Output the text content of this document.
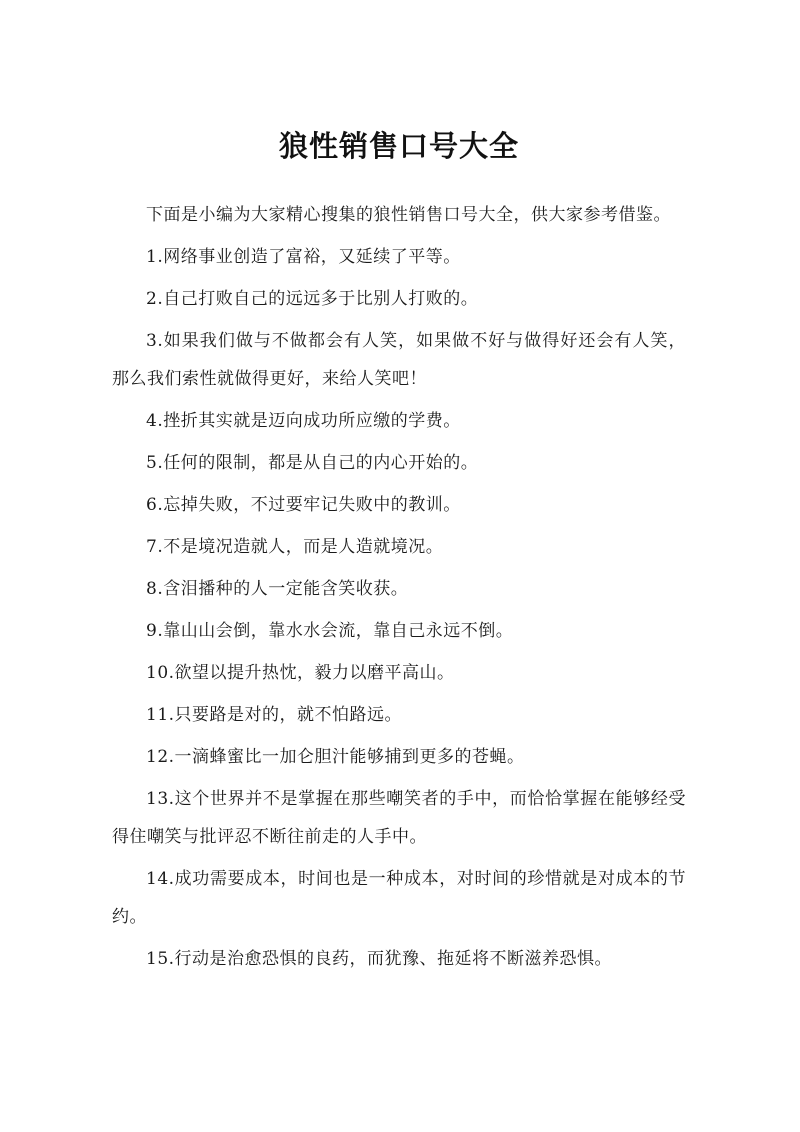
狼性销售口号大全

下面是小编为大家精心搜集的狼性销售口号大全，供大家参考借鉴。

1.网络事业创造了富裕，又延续了平等。

2.自己打败自己的远远多于比别人打败的。

3.如果我们做与不做都会有人笑，如果做不好与做得好还会有人笑，那么我们索性就做得更好，来给人笑吧！

4.挫折其实就是迈向成功所应缴的学费。

5.任何的限制，都是从自己的内心开始的。

6.忘掉失败，不过要牢记失败中的教训。

7.不是境况造就人，而是人造就境况。

8.含泪播种的人一定能含笑收获。

9.靠山山会倒，靠水水会流，靠自己永远不倒。

10.欲望以提升热忱，毅力以磨平高山。

11.只要路是对的，就不怕路远。

12.一滴蜂蜜比一加仑胆汁能够捕到更多的苍蝇。

13.这个世界并不是掌握在那些嘲笑者的手中，而恰恰掌握在能够经受得住嘲笑与批评忍不断往前走的人手中。

14.成功需要成本，时间也是一种成本，对时间的珍惜就是对成本的节约。

15.行动是治愈恐惧的良药，而犹豫、拖延将不断滋养恐惧。
